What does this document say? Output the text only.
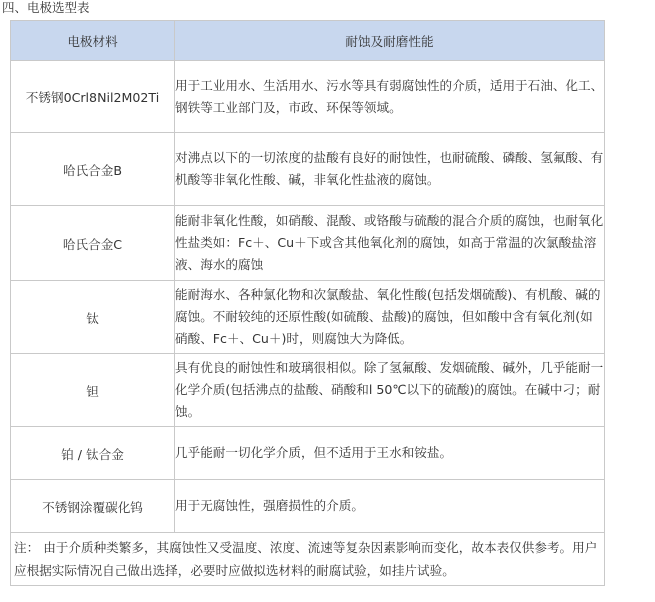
四、电极选型表
电极材料	耐蚀及耐磨性能
不锈钢0Crl8Nil2M02Ti	用于工业用水、生活用水、污水等具有弱腐蚀性的介质，适用于石油、化工、钢铁等工业部门及，市政、环保等领域。
哈氏合金B	对沸点以下的一切浓度的盐酸有良好的耐蚀性，也耐硫酸、磷酸、氢氟酸、有机酸等非氧化性酸、碱，非氧化性盐液的腐蚀。
哈氏合金C	能耐非氧化性酸，如硝酸、混酸、或铬酸与硫酸的混合介质的腐蚀，也耐氧化性盐类如：Fc＋、Cu＋下或含其他氧化剂的腐蚀，如高于常温的次氯酸盐溶液、海水的腐蚀
钛	能耐海水、各种氯化物和次氯酸盐、氧化性酸(包括发烟硫酸)、有机酸、碱的腐蚀。不耐较纯的还原性酸(如硫酸、盐酸)的腐蚀，但如酸中含有氧化剂(如硝酸、Fc＋、Cu＋)时，则腐蚀大为降低。
钽	具有优良的耐蚀性和玻璃很相似。除了氢氟酸、发烟硫酸、碱外，几乎能耐一化学介质(包括沸点的盐酸、硝酸和l 50℃以下的硫酸)的腐蚀。在碱中刁；耐蚀。
铂 / 钛合金	几乎能耐一切化学介质，但不适用于王水和铵盐。
不锈钢涂覆碳化钨	用于无腐蚀性，强磨损性的介质。
注： 由于介质种类繁多，其腐蚀性又受温度、浓度、流速等复杂因素影响而变化，故本表仅供参考。用户应根据实际情况自己做出选择，必要时应做拟选材料的耐腐试验，如挂片试验。	
